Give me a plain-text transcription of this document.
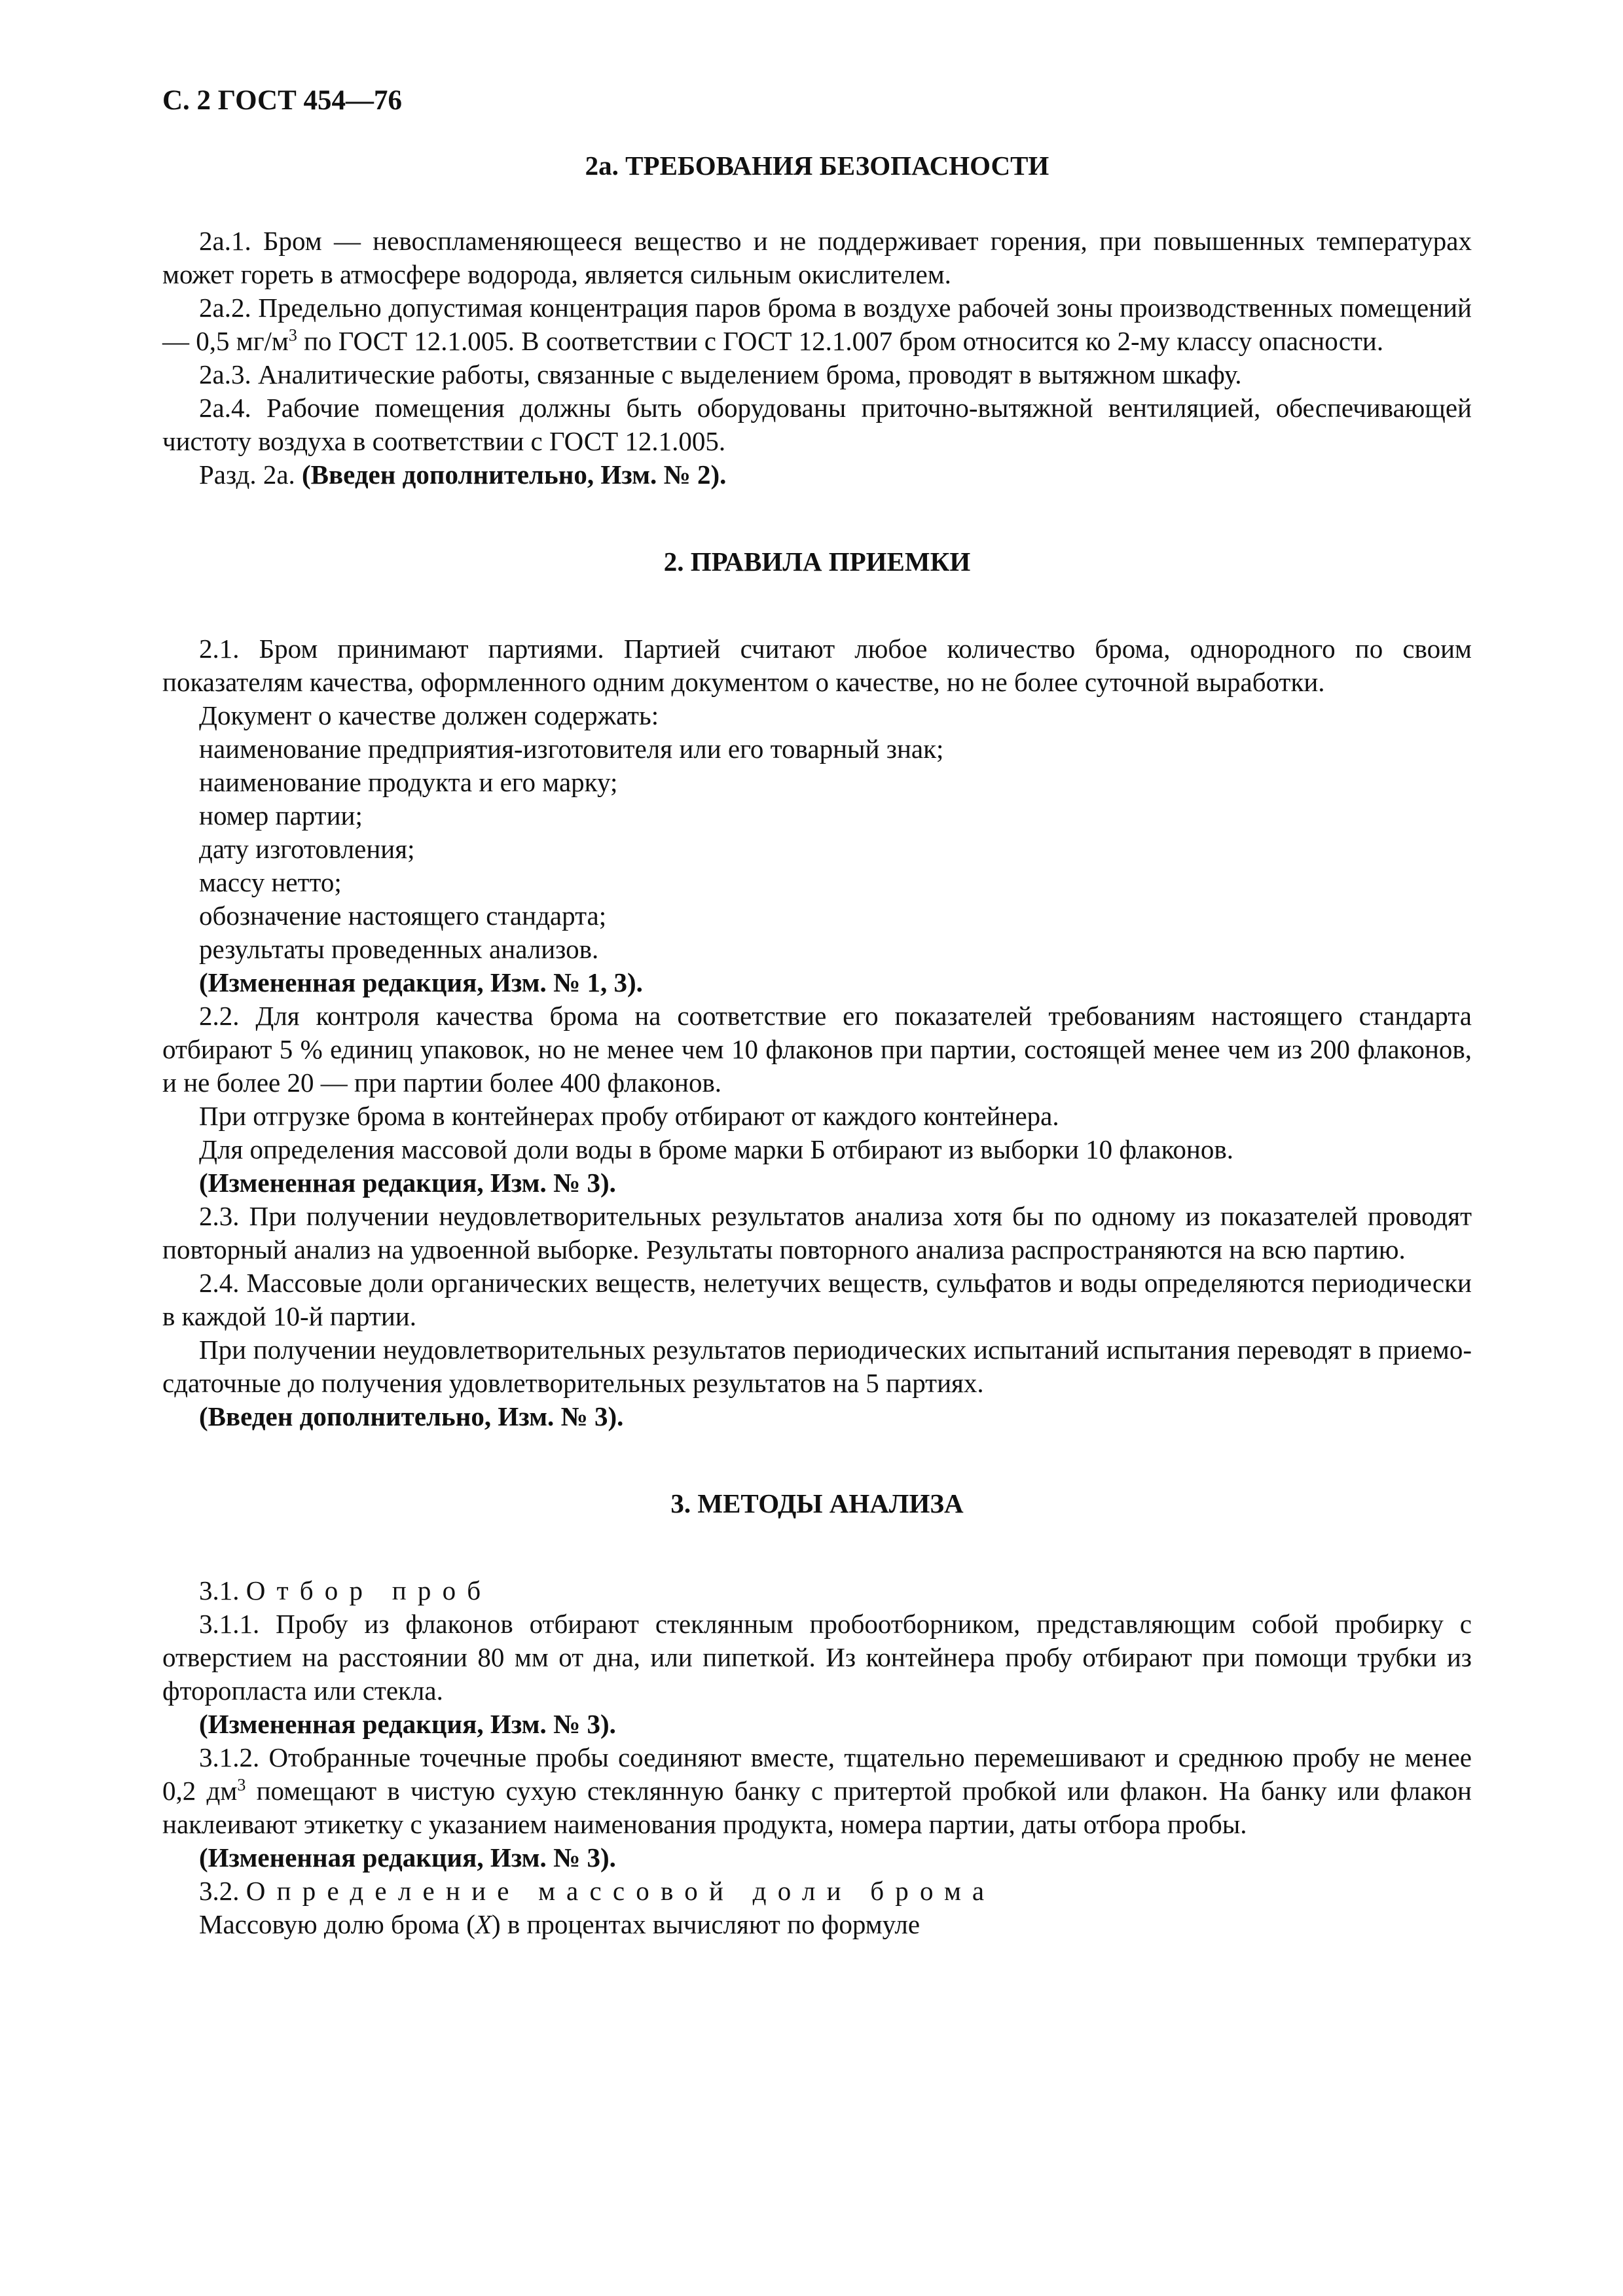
С. 2 ГОСТ 454—76
2а. ТРЕБОВАНИЯ БЕЗОПАСНОСТИ

2а.1. Бром — невоспламеняющееся вещество и не поддерживает горения, при повышенных температурах может гореть в атмосфере водорода, является сильным окислителем.

2а.2. Предельно допустимая концентрация паров брома в воздухе рабочей зоны производственных помещений — 0,5 $мг/м^3$ по ГОСТ 12.1.005. В соответствии с ГОСТ 12.1.007 бром относится ко 2-му классу опасности.

2а.3. Аналитические работы, связанные с выделением брома, проводят в вытяжном шкафу.

2а.4. Рабочие помещения должны быть оборудованы приточно-вытяжной вентиляцией, обеспечивающей чистоту воздуха в соответствии с ГОСТ 12.1.005.

Разд. 2а. (Введен дополнительно, Изм. № 2).

2. ПРАВИЛА ПРИЕМКИ

2.1. Бром принимают партиями. Партией считают любое количество брома, однородного по своим показателям качества, оформленного одним документом о качестве, но не более суточной выработки.

Документ о качестве должен содержать:

наименование предприятия-изготовителя или его товарный знак;

наименование продукта и его марку;

номер партии;

дату изготовления;

массу нетто;

обозначение настоящего стандарта;

результаты проведенных анализов.

(Измененная редакция, Изм. № 1, 3).

2.2. Для контроля качества брома на соответствие его показателей требованиям настоящего стандарта отбирают 5 % единиц упаковок, но не менее чем 10 флаконов при партии, состоящей менее чем из 200 флаконов, и не более 20 — при партии более 400 флаконов.

При отгрузке брома в контейнерах пробу отбирают от каждого контейнера.

Для определения массовой доли воды в броме марки Б отбирают из выборки 10 флаконов.

(Измененная редакция, Изм. № 3).

2.3. При получении неудовлетворительных результатов анализа хотя бы по одному из показателей проводят повторный анализ на удвоенной выборке. Результаты повторного анализа распространяются на всю партию.

2.4. Массовые доли органических веществ, нелетучих веществ, сульфатов и воды определяются периодически в каждой 10-й партии.

При получении неудовлетворительных результатов периодических испытаний испытания переводят в приемо-сдаточные до получения удовлетворительных результатов на 5 партиях.

(Введен дополнительно, Изм. № 3).

3. МЕТОДЫ АНАЛИЗА

3.1. Отбор проб

3.1.1. Пробу из флаконов отбирают стеклянным пробоотборником, представляющим собой пробирку с отверстием на расстоянии 80 мм от дна, или пипеткой. Из контейнера пробу отбирают при помощи трубки из фторопласта или стекла.

(Измененная редакция, Изм. № 3).

3.1.2. Отобранные точечные пробы соединяют вместе, тщательно перемешивают и среднюю пробу не менее 0,2 $дм^3$ помещают в чистую сухую стеклянную банку с притертой пробкой или флакон. На банку или флакон наклеивают этикетку с указанием наименования продукта, номера партии, даты отбора пробы.

(Измененная редакция, Изм. № 3).

3.2. Определение массовой доли брома

Массовую долю брома (X) в процентах вычисляют по формуле
